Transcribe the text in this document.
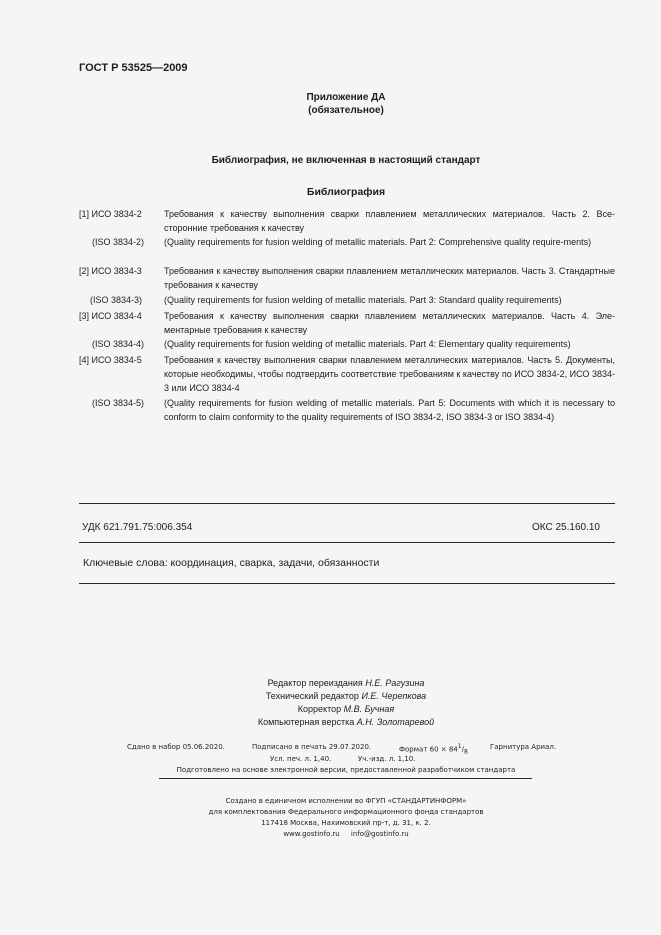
ГОСТ Р 53525—2009
Приложение ДА
(обязательное)
Библиография, не включенная в настоящий стандарт
Библиография
[1] ИСО 3834-2	Требования к качеству выполнения сварки плавлением металлических материалов. Часть 2. Все-сторонние требования к качеству
(ISO 3834-2)	(Quality requirements for fusion welding of metallic materials. Part 2: Comprehensive quality require-ments)
[2] ИСО 3834-3	Требования к качеству выполнения сварки плавлением металлических материалов. Часть 3. Стандартные требования к качеству
(ISO 3834-3)	(Quality requirements for fusion welding of metallic materials. Part 3: Standard quality requirements)
[3] ИСО 3834-4	Требования к качеству выполнения сварки плавлением металлических материалов. Часть 4. Эле-ментарные требования к качеству
(ISO 3834-4)	(Quality requirements for fusion welding of metallic materials. Part 4: Elementary quality requirements)
[4] ИСО 3834-5	Требования к качеству выполнения сварки плавлением металлических материалов. Часть 5. Документы, которые необходимы, чтобы подтвердить соответствие требованиям к качеству по ИСО 3834-2, ИСО 3834-3 или ИСО 3834-4
(ISO 3834-5)	(Quality requirements for fusion welding of metallic materials. Part 5: Documents with which it is necessary to conform to claim conformity to the quality requirements of ISO 3834-2, ISO 3834-3 or ISO 3834-4)
УДК 621.791.75:006.354	ОКС 25.160.10
Ключевые слова: координация, сварка, задачи, обязанности
Редактор переиздания Н.Е. Рагузина
Технический редактор И.Е. Черепкова
Корректор М.В. Бучная
Компьютерная верстка А.Н. Золотаревой
Сдано в набор 05.06.2020.	Подписано в печать 29.07.2020.	Формат $60 \times 84^1/_8$
Гарнитура Ариал.
Усл. печ. л. 1,40.	Уч.-изд. л. 1,10.
Подготовлено на основе электронной версии, предоставленной разработчиком стандарта
Создано в единичном исполнении во ФГУП «СТАНДАРТИНФОРМ»
для комплектования Федерального информационного фонда стандартов
117418 Москва, Нахимовский пр-т, д. 31, к. 2.
www.gostinfo.ru info@gostinfo.ru
